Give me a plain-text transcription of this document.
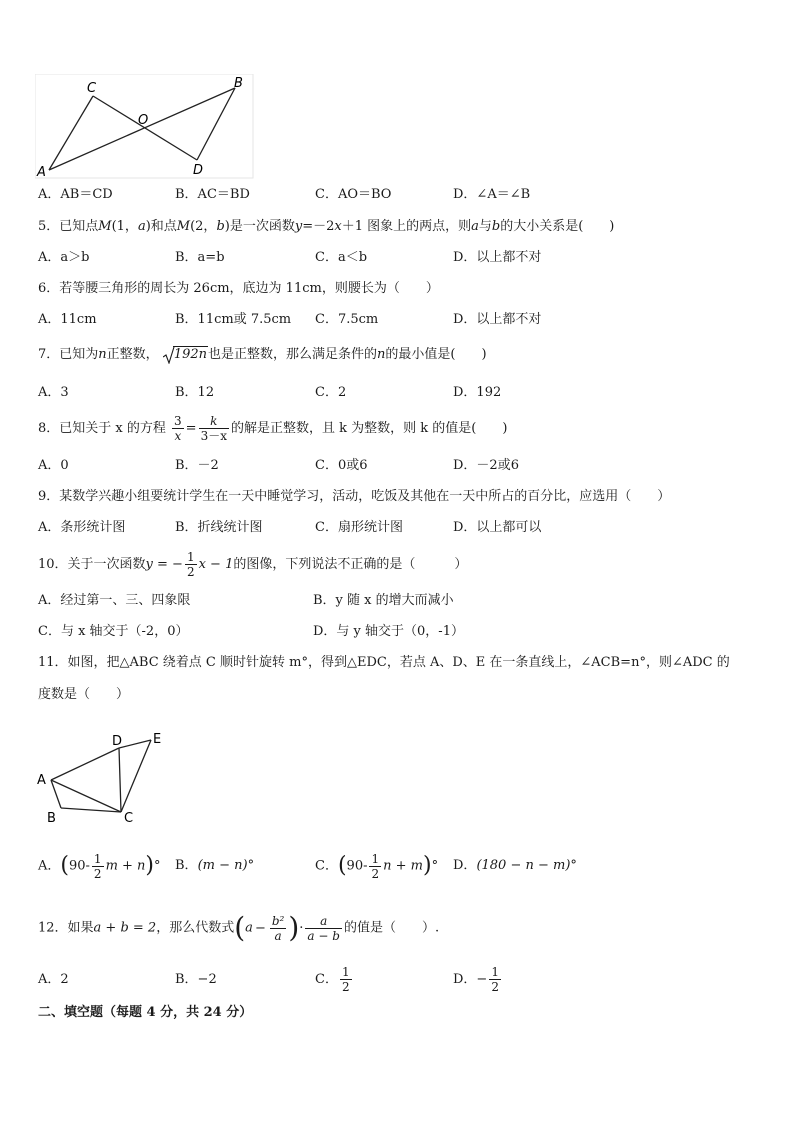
A
C
O
B
D
A．AB＝CD	B．AC＝BD	C．AO＝BO	D．∠A＝∠B
5．已知点M(1，a)和点M(2，b)是一次函数y=－2x＋1 图象上的两点，则a与b的大小关系是(　　)
A．a＞b	B．a=b	C．a＜b	D．以上都不对
6．若等腰三角形的周长为 26cm，底边为 11cm，则腰长为（　　）
A．11cm	B．11cm或 7.5cm C．7.5cm	D．以上都不对
7．已知为n正整数， 192n也是正整数，那么满足条件的n的最小值是(　　)
A．3	B．12	C．2	D．192
8．已知关于 x 的方程 $\frac{3}{x} = \frac{k}{3-x}$ 的解是正整数，且 k 为整数，则 k 的值是(　　)
A．0	B．－2	C．0或6	D．－2或6
9．某数学兴趣小组要统计学生在一天中睡觉学习，活动，吃饭及其他在一天中所占的百分比，应选用（　　）
A．条形统计图	B．折线统计图	C．扇形统计图	D．以上都可以
10．关于一次函数y = − $\frac{1}{2}$ x − 1的图像，下列说法不正确的是（　　　）
A．经过第一、三、四象限	B．y 随 x 的增大而减小
C．与 x 轴交于（-2，0）	D．与 y 轴交于（0，-1）
11．如图，把△ABC 绕着点 C 顺时针旋转 m°，得到△EDC，若点 A、D、E 在一条直线上，∠ACB=n°，则∠ADC 的
度数是（　　）
A
B	C
D E
A．($90- \frac{1}{2}$ m + n)° B．(m − n)°	C．($90- \frac{1}{2}$ n + m)° D．(180 − n − m)°
12．如果a + b = 2，那么代数式($a - \frac{\text{b²}}{a}$ )· $\frac{a}{a - b}$ 的值是（　　）.
A．2	B．−2	C． $\frac{1}{2}$	D．− $\frac{1}{2}$
二、填空题（每题 4 分，共 24 分）
